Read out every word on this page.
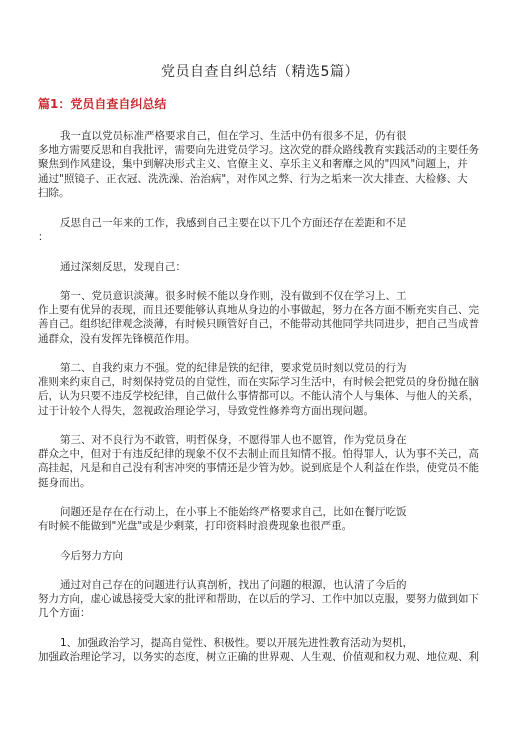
党员自查自纠总结（精选5篇）
篇1：党员自查自纠总结
我一直以党员标准严格要求自己，但在学习、生活中仍有很多不足，仍有很
多地方需要反思和自我批评，需要向先进党员学习。这次党的群众路线教育实践活动的主要任务
聚焦到作风建设，集中到解决形式主义、官僚主义、享乐主义和奢靡之风的"四风"问题上，并
通过"照镜子、正衣冠、洗洗澡、治治病"，对作风之弊、行为之垢来一次大排查、大检修、大
扫除。
反思自己一年来的工作，我感到自己主要在以下几个方面还存在差距和不足
：
通过深刻反思，发现自己：
第一、党员意识淡薄。很多时候不能以身作则，没有做到不仅在学习上、工
作上要有优异的表现，而且还要能够认真地从身边的小事做起，努力在各方面不断充实自己、完
善自己。组织纪律观念淡薄，有时候只顾管好自己，不能带动其他同学共同进步，把自己当成普
通群众，没有发挥先锋模范作用。
第二、自我约束力不强。党的纪律是铁的纪律，要求党员时刻以党员的行为
准则来约束自己，时刻保持党员的自觉性，而在实际学习生活中，有时候会把党员的身份抛在脑
后，认为只要不违反学校纪律，自己做什么事情都可以。不能认清个人与集体、与他人的关系，
过于计较个人得失，忽视政治理论学习，导致党性修养弯方面出现问题。
第三、对不良行为不敢管，明哲保身，不愿得罪人也不愿管，作为党员身在
群众之中，但对于有违反纪律的现象不仅不去制止而且知情不报。怕得罪人，认为事不关己，高
高挂起，凡是和自己没有利害冲突的事情还是少管为妙。说到底是个人利益在作祟，使党员不能
挺身而出。
问题还是存在在行动上，在小事上不能始终严格要求自己，比如在餐厅吃饭
有时候不能做到"光盘"或是少剩菜，打印资料时浪费现象也很严重。
今后努力方向
通过对自己存在的问题进行认真剖析，找出了问题的根源，也认清了今后的
努力方向，虚心诚恳接受大家的批评和帮助，在以后的学习、工作中加以克服，要努力做到如下
几个方面：
1、加强政治学习，提高自觉性、积极性。要以开展先进性教育活动为契机，
加强政治理论学习，以务实的态度，树立正确的世界观、人生观、价值观和权力观、地位观、利
